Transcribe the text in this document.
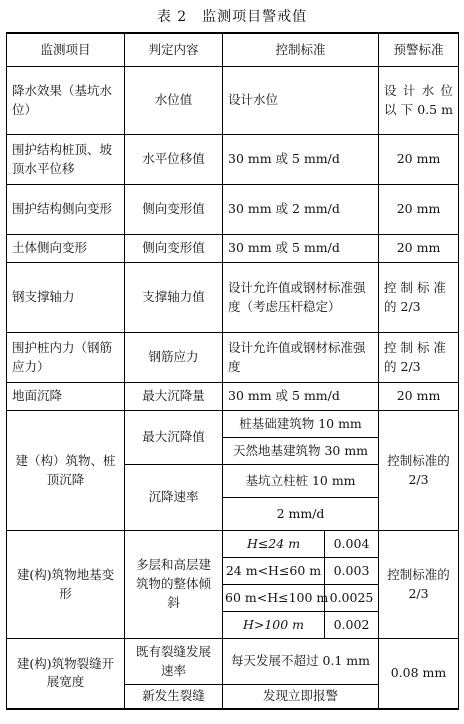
表 2　监测项目警戒值
监测项目	判定内容	控制标准		预警标准
降水效果（基坑水位）	水位值	设计水位		设 计 水 位 以 下 0.5 m
围护结构桩顶、坡顶水平位移	水平位移值	30 mm 或 5 mm/d		20 mm
围护结构侧向变形	侧向变形值	30 mm 或 2 mm/d		20 mm
土体侧向变形	侧向变形值	30 mm 或 5 mm/d		20 mm
钢支撑轴力	支撑轴力值	设计允许值或钢材标准强度（考虑压杆稳定）		控 制 标 准的 2/3
围护桩内力（钢筋应力）	钢筋应力	设计允许值或钢材标准强度		控 制 标 准的 2/3
地面沉降	最大沉降量	30 mm 或 5 mm/d		20 mm
建（构）筑物、桩顶沉降	最大沉降值	桩基础建筑物 10 mm		控制标准的 2/3
		天然地基建筑物 30 mm		
	沉降速率	基坑立柱桩 10 mm		
		2 mm/d		
建(构)筑物地基变形	多层和高层建筑物的整体倾斜	H≤24 m	0.004	控制标准的 2/3
		24 m<H≤60 m	0.003	
		60 m<H≤100 m	0.0025	
		H>100 m	0.002	
建(构)筑物裂缝开展宽度	既有裂缝发展速率	每天发展不超过 0.1 mm		0.08 mm
	新发生裂缝	发现立即报警		
